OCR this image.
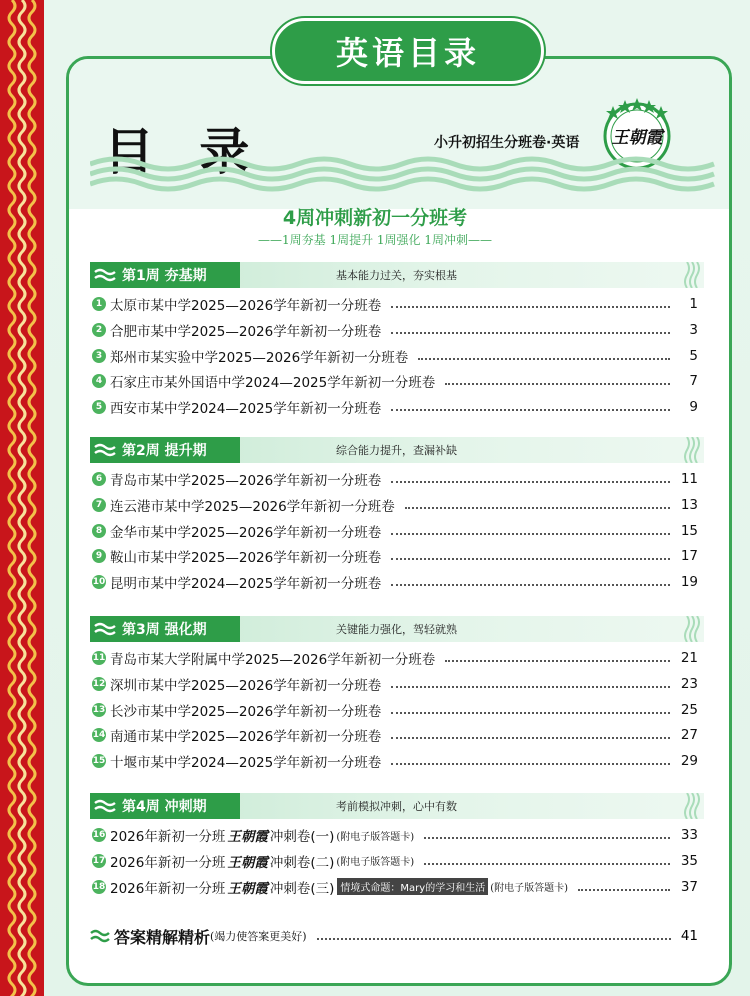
英语目录
目 录	小升初招生分班卷·英语 王朝霞
4周冲刺新初一分班考
——1周夯基 1周提升 1周强化 1周冲刺——
第1周 夯基期	基本能力过关，夯实根基
1 太原市某中学2025—2026学年新初一分班卷	1
2 合肥市某中学2025—2026学年新初一分班卷	3
3 郑州市某实验中学2025—2026学年新初一分班卷	5
4 石家庄市某外国语中学2024—2025学年新初一分班卷	7
5 西安市某中学2024—2025学年新初一分班卷	9
第2周 提升期	综合能力提升，查漏补缺
6 青岛市某中学2025—2026学年新初一分班卷	11
7 连云港市某中学2025—2026学年新初一分班卷	13
8 金华市某中学2025—2026学年新初一分班卷	15
9 鞍山市某中学2025—2026学年新初一分班卷	17
10 昆明市某中学2024—2025学年新初一分班卷	19
第3周 强化期	关键能力强化，驾轻就熟
11 青岛市某大学附属中学2025—2026学年新初一分班卷	21
12 深圳市某中学2025—2026学年新初一分班卷	23
13 长沙市某中学2025—2026学年新初一分班卷	25
14 南通市某中学2025—2026学年新初一分班卷	27
15 十堰市某中学2024—2025学年新初一分班卷	29
第4周 冲刺期	考前模拟冲刺，心中有数
16 2026年新初一分班 王朝霞 冲刺卷(一) (附电子版答题卡)	33
17 2026年新初一分班 王朝霞 冲刺卷(二) (附电子版答题卡)	35
18 2026年新初一分班 王朝霞 冲刺卷(三) 情境式命题：Mary的学习和生活 (附电子版答题卡)	37
答案精解精析 (竭力使答案更美好)	41
